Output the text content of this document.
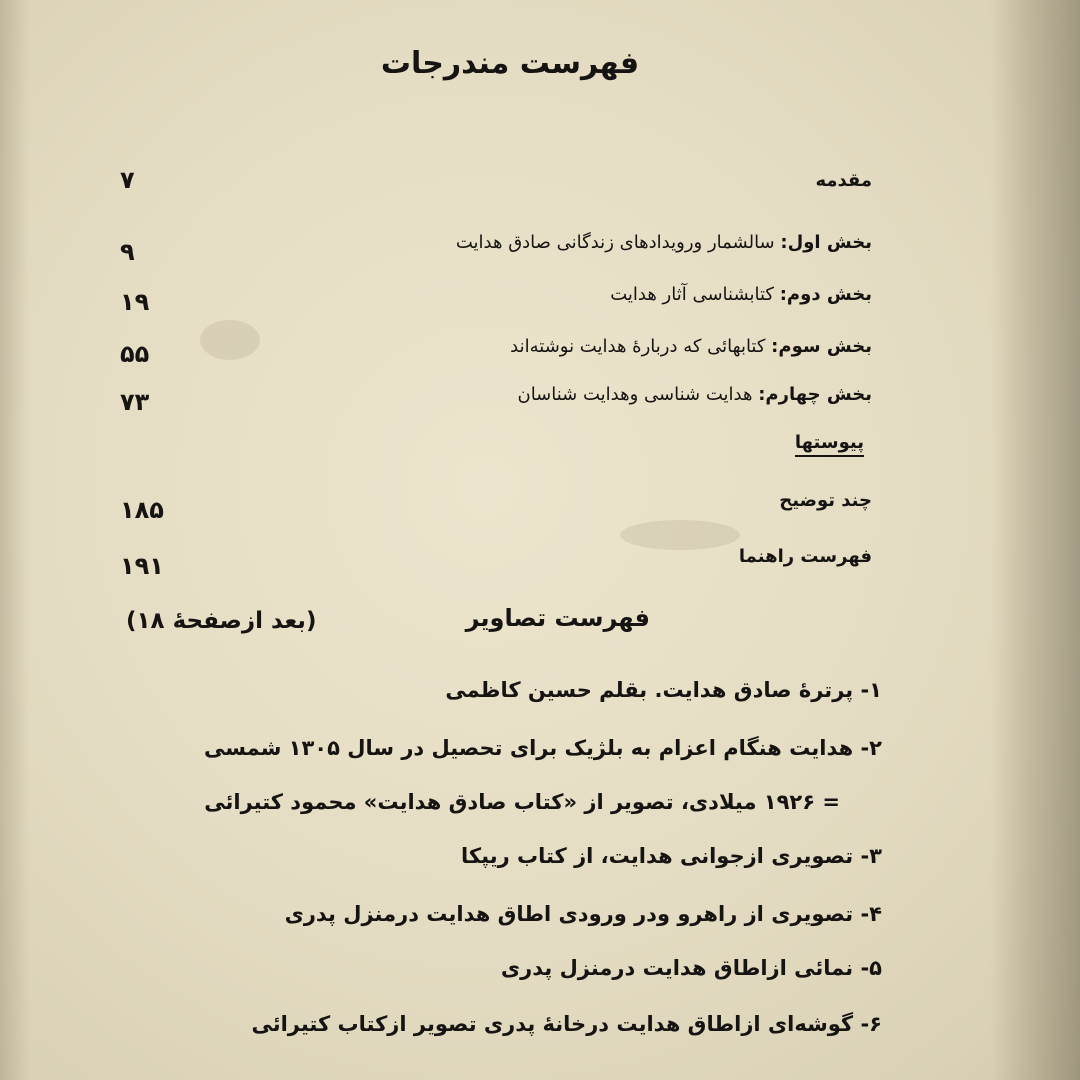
فهرست مندرجات
مقدمه
۷
بخش اول: سالشمار ورویدادهای زندگانی صادق هدایت
۹
بخش دوم: کتابشناسی آثار هدایت
۱۹
بخش سوم: کتابهائی که دربارهٔ هدایت نوشته‌اند
۵۵
بخش چهارم: هدایت شناسی وهدایت شناسان
۷۳
پیوستها
چند توضیح
۱۸۵
فهرست راهنما
۱۹۱
فهرست تصاویر
(بعد ازصفحهٔ ۱۸)
۱- پرترهٔ صادق هدایت. بقلم حسین کاظمی
۲- هدایت هنگام اعزام به بلژیک برای تحصیل در سال ۱۳۰۵ شمسی
= ۱۹۲۶ میلادی، تصویر از «کتاب صادق هدایت» محمود کتیرائی
۳- تصویری ازجوانی هدایت، از کتاب ریپکا
۴- تصویری از راهرو ودر ورودی اطاق هدایت درمنزل پدری
۵- نمائی ازاطاق هدایت درمنزل پدری
۶- گوشه‌ای ازاطاق هدایت درخانهٔ پدری تصویر ازکتاب کتیرائی
